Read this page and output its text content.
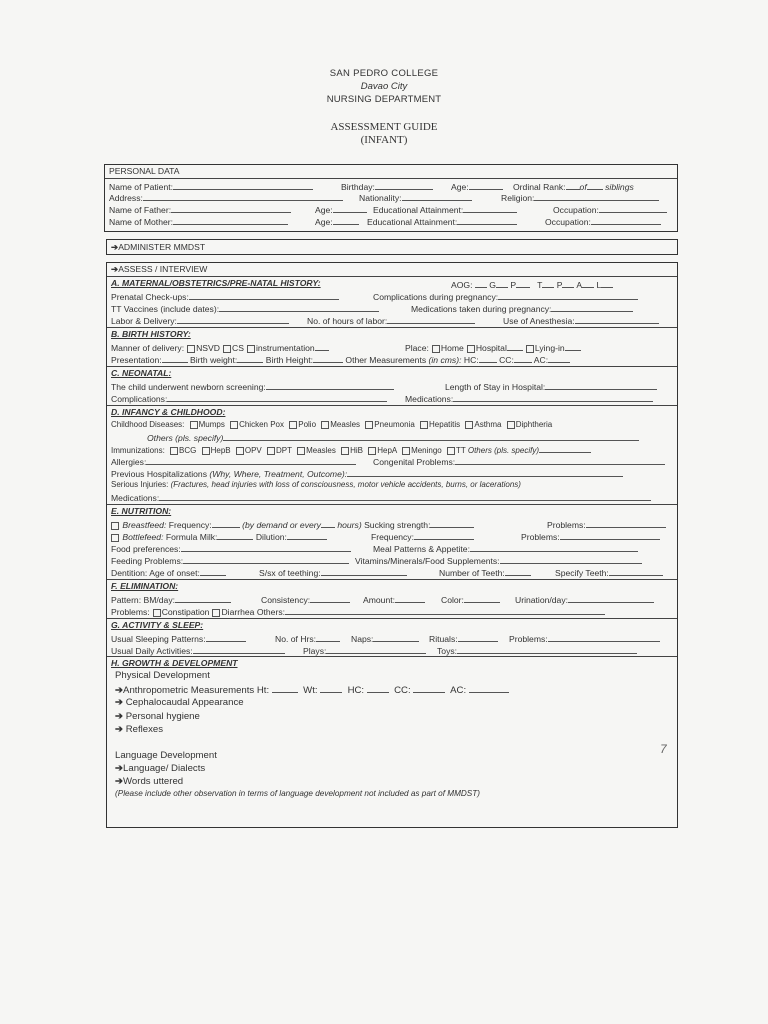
SAN PEDRO COLLEGE
Davao City
NURSING DEPARTMENT
ASSESSMENT GUIDE
(INFANT)
PERSONAL DATA
Name of Patient:	Birthday:	Age:	Ordinal Rank: of siblings
Address:	Nationality:	Religion:
Name of Father:	Age:	Educational Attainment:	Occupation:
Name of Mother:	Age:	Educational Attainment:	Occupation:
➔ADMINISTER MMDST
➔ASSESS / INTERVIEW
A. MATERNAL/OBSTETRICS/PRE-NATAL HISTORY:	AOG: G P T P A L
Prenatal Check-ups:	Complications during pregnancy:
TT Vaccines (include dates):	Medications taken during pregnancy:
Labor & Delivery:	No. of hours of labor:	Use of Anesthesia:
B. BIRTH HISTORY:
Manner of delivery: NSVD CS instrumentation	Place: Home Hospital	Lying-in
Presentation:	Birth weight:	Birth Height:	Other Measurements (in cms): HC: CC: AC:
C. NEONATAL:
The child underwent newborn screening:	Length of Stay in Hospital:
Complications:	Medications:
D. INFANCY & CHILDHOOD:
Childhood Diseases: Mumps Chicken Pox Polio Measles Pneumonia Hepatitis Asthma Diphtheria
Others (pls. specify)
Immunizations: BCG HepB OPV DPT Measles HiB HepA Meningo TT Others (pls. specify)
Allergies:	Congenital Problems:
Previous Hospitalizations (Why, Where, Treatment, Outcome):
Serious Injuries: (Fractures, head injuries with loss of consciousness, motor vehicle accidents, burns, or lacerations)
Medications:
E. NUTRITION:
Breastfeed: Frequency:	(by demand or every hours) Sucking strength:	Problems:
Bottlefeed: Formula Milk:	Dilution:	Frequency:	Problems:
Food preferences:	Meal Patterns & Appetite:
Feeding Problems:	Vitamins/Minerals/Food Supplements:
Dentition: Age of onset:	S/sx of teething:	Number of Teeth:	Specify Teeth:
F. ELIMINATION:
Pattern: BM/day:	Consistency:	Amount:	Color:	Urination/day:
Problems: Constipation Diarrhea Others:
G. ACTIVITY & SLEEP:
Usual Sleeping Patterns:	No. of Hrs:	Naps:	Rituals:	Problems:
Usual Daily Activities:	Plays:	Toys:
H. GROWTH & DEVELOPMENT
Physical Development
➔Anthropometric Measurements Ht:	Wt:	HC:	CC:	AC:
➔ Cephalocaudal Appearance
➔ Personal hygiene
➔ Reflexes
Language Development
➔Language/ Dialects
➔Words uttered
(Please include other observation in terms of language development not included as part of MMDST)
7
